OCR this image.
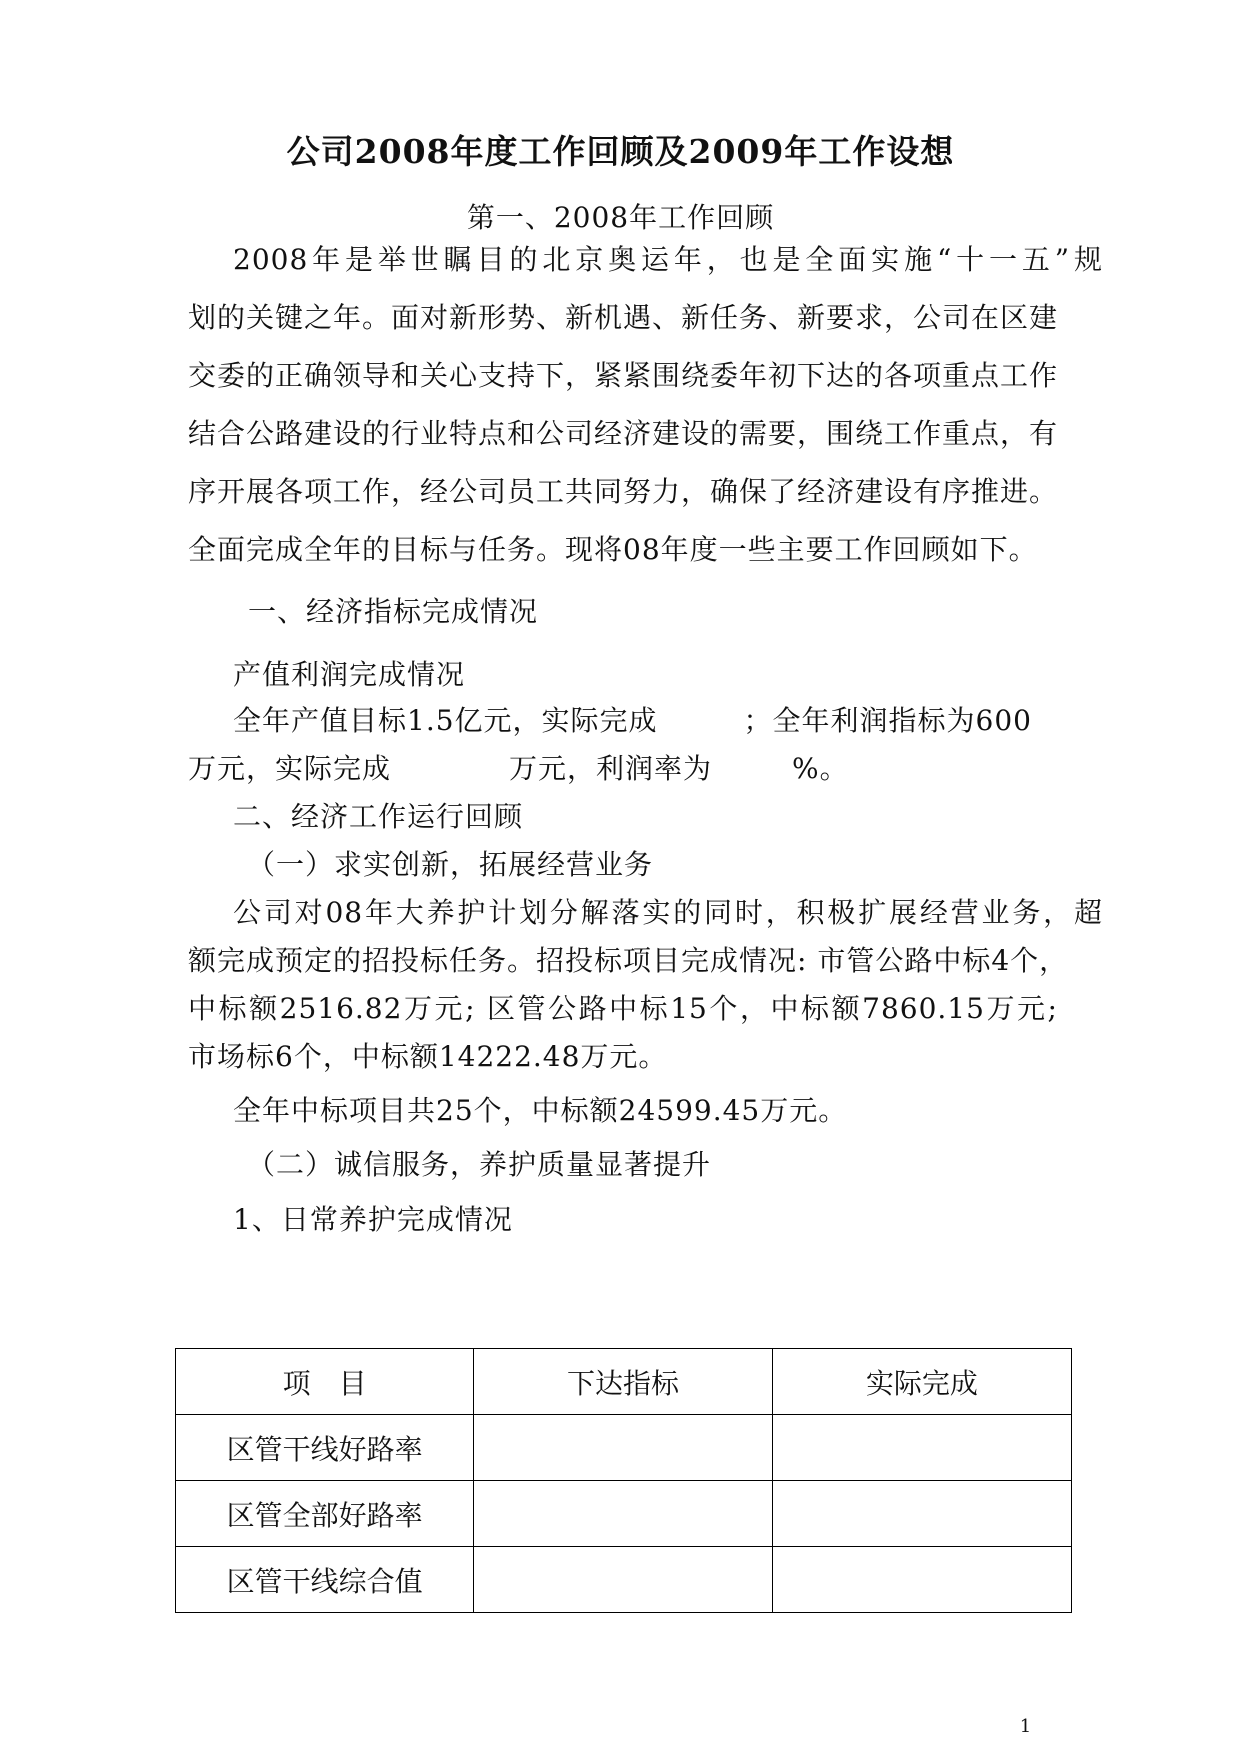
公司2008年度工作回顾及2009年工作设想
第一、2008年工作回顾
2008年是举世瞩目的北京奥运年，也是全面实施“十一五”规
划的关键之年。面对新形势、新机遇、新任务、新要求，公司在区建
交委的正确领导和关心支持下，紧紧围绕委年初下达的各项重点工作
结合公路建设的行业特点和公司经济建设的需要，围绕工作重点，有
序开展各项工作，经公司员工共同努力，确保了经济建设有序推进。
全面完成全年的目标与任务。现将08年度一些主要工作回顾如下。
一、经济指标完成情况
产值利润完成情况
全年产值目标1.5亿元，实际完成	；全年利润指标为600
万元，实际完成	万元，利润率为	%。
二、经济工作运行回顾
（一）求实创新，拓展经营业务
公司对08年大养护计划分解落实的同时，积极扩展经营业务，超
额完成预定的招投标任务。招投标项目完成情况: 市管公路中标4个，
中标额2516.82万元; 区管公路中标15个，中标额7860.15万元;
市场标6个，中标额14222.48万元。
全年中标项目共25个，中标额24599.45万元。
（二）诚信服务，养护质量显著提升
1、日常养护完成情况
项　目	下达指标	实际完成
区管干线好路率		
区管全部好路率		
区管干线综合值		
1
